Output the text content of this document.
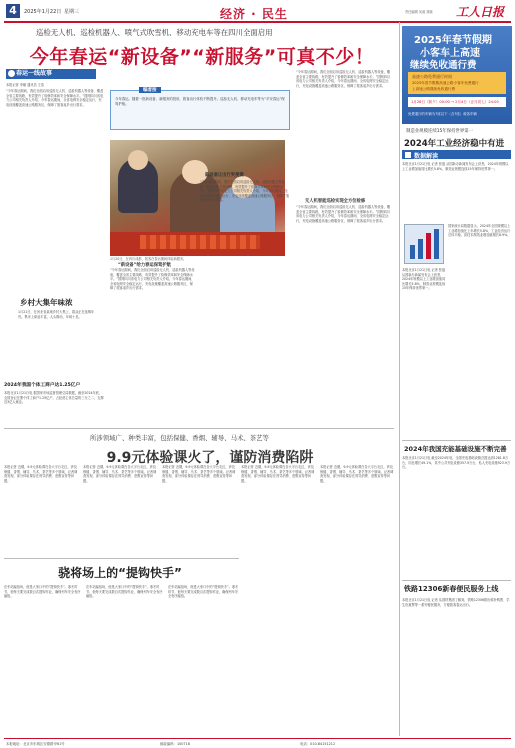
4	2025年1月22日 星期三	经济 · 民生	责任编辑 吴迪 刘晓 工人日报
巡检无人机、巡检机器人、喷气式吹雪机、移动充电车等在四川全面启用
今年春运“新设备”“新服务”可真不少！
春运一线故事
本报记者 李娜 通讯员 王浩
“今年春运期间，我们全面启用巡检无人机、巡检机器人等设备，覆盖全省主要线路，有效提升了检修效率和安全保障水平。”国网四川省电力公司相关负责人介绍，今年春运期间，全省电网安全稳定运行，充电设施覆盖高速公路服务区，保障了旅客返乡出行需求。
编者按
今年春运，随着一批新设备、新服务的投用，旅客出行体验不断提升。巡检无人机、移动充电车等为“平安春运”保驾护航。
1月20日，在四川成都，旅客在春运期间体验新服务。
“新设备”给力春运保驾护航
“今年春运期间，我们全面启用巡检无人机、巡检机器人等设备，覆盖全省主要线路，有效提升了检修效率和安全保障水平。”国网四川省电力公司相关负责人介绍，今年春运期间，全省电网安全稳定运行，充电设施覆盖高速公路服务区，保障了旅客返乡出行需求。
新设备让出行更便捷
“今年春运期间，我们全面启用巡检无人机、巡检机器人等设备，覆盖全省主要线路，有效提升了检修效率和安全保障水平。”国网四川省电力公司相关负责人介绍，今年春运期间，全省电网安全稳定运行，充电设施覆盖高速公路服务区，保障了旅客返乡出行需求。
“今年春运期间，我们全面启用巡检无人机、巡检机器人等设备，覆盖全省主要线路，有效提升了检修效率和安全保障水平。”国网四川省电力公司相关负责人介绍，今年春运期间，全省电网安全稳定运行，充电设施覆盖高速公路服务区，保障了旅客返乡出行需求。
无人机智能巡检实现全方位检修
“今年春运期间，我们全面启用巡检无人机、巡检机器人等设备，覆盖全省主要线路，有效提升了检修效率和安全保障水平。”国网四川省电力公司相关负责人介绍，今年春运期间，全省电网安全稳定运行，充电设施覆盖高速公路服务区，保障了旅客返乡出行需求。
乡村大集年味浓
1月21日，在河北省某地乡村大集上，群众正在选购年货。集市上商品丰富，人头攒动，年味十足。
2024年我国个体工商户达1.25亿户
本报北京1月21日电 据国家市场监督管理总局数据，截至2024年底，全国登记在册个体工商户1.25亿户，占经营主体总量的三分之二，支撑近3亿人就业。
所涉领域广、种类丰富，包括保健、香烟、辅导、马术、茶艺等
9.9元体验课火了，谨防消费陷阱
本报记者 近期，9.9元体验课在各大平台走红，涉及保健、香烟、辅导、马术、茶艺等多个领域。记者调查发现，部分体验课存在诱导消费、虚假宣传等问题。
本报记者 近期，9.9元体验课在各大平台走红，涉及保健、香烟、辅导、马术、茶艺等多个领域。记者调查发现，部分体验课存在诱导消费、虚假宣传等问题。
本报记者 近期，9.9元体验课在各大平台走红，涉及保健、香烟、辅导、马术、茶艺等多个领域。记者调查发现，部分体验课存在诱导消费、虚假宣传等问题。
本报记者 近期，9.9元体验课在各大平台走红，涉及保健、香烟、辅导、马术、茶艺等多个领域。记者调查发现，部分体验课存在诱导消费、虚假宣传等问题。
本报记者 近期，9.9元体验课在各大平台走红，涉及保健、香烟、辅导、马术、茶艺等多个领域。记者调查发现，部分体验课存在诱导消费、虚假宣传等问题。
骁将场上的“提钩快手”
在车站编组场，他是大家口中的“提钩快手”。寒冬时节，他每天要完成数百次提钩作业，确保列车安全有序编组。
在车站编组场，他是大家口中的“提钩快手”。寒冬时节，他每天要完成数百次提钩作业，确保列车安全有序编组。
在车站编组场，他是大家口中的“提钩快手”。寒冬时节，他每天要完成数百次提钩作业，确保列车安全有序编组。
2025年春节假期
小客车上高速
继续免收通行费
高速公路免费通行时间
2025年春节假期高速公路小客车免费通行
上高速公路继续免收通行费
1月28日（除夕）00:00 → 2月4日（正月初七）24:00
免费通行的车辆为7座以下（含7座）载客车辆
制造业规模连续15年保持世界第一
2024年工业经济稳中有进
数据解读
本报北京1月21日电 记者 张翅 从国新办新闻发布会上获悉，2024年规模以上工业增加值同比增长5.8%，制造业规模连续15年保持世界第一。
国家统计局数据显示，2024年全国规模以上工业增加值比上年增长5.8%，工业经济运行总体平稳，高技术制造业增加值增长8.9%。
本报北京1月21日电 记者 张翅 从国新办新闻发布会上获悉，2024年规模以上工业增加值同比增长5.8%，制造业规模连续15年保持世界第一。
2024年我国充能基础设施不断完善
本报北京1月21日电 截至2024年底，全国充电基础设施总数达到1281.8万台，同比增长49.1%，其中公共充电设施357.9万台，私人充电设施923.9万台。
铁路12306新春便民服务上线
本报北京1月21日电 记者 从国铁集团了解到，铁路12306推出候补购票、学生优惠票等一系列便民服务，方便旅客春运出行。
本报地址：北京市东城区安德路甲61号	邮政编码：100718	电话：010-84151212
